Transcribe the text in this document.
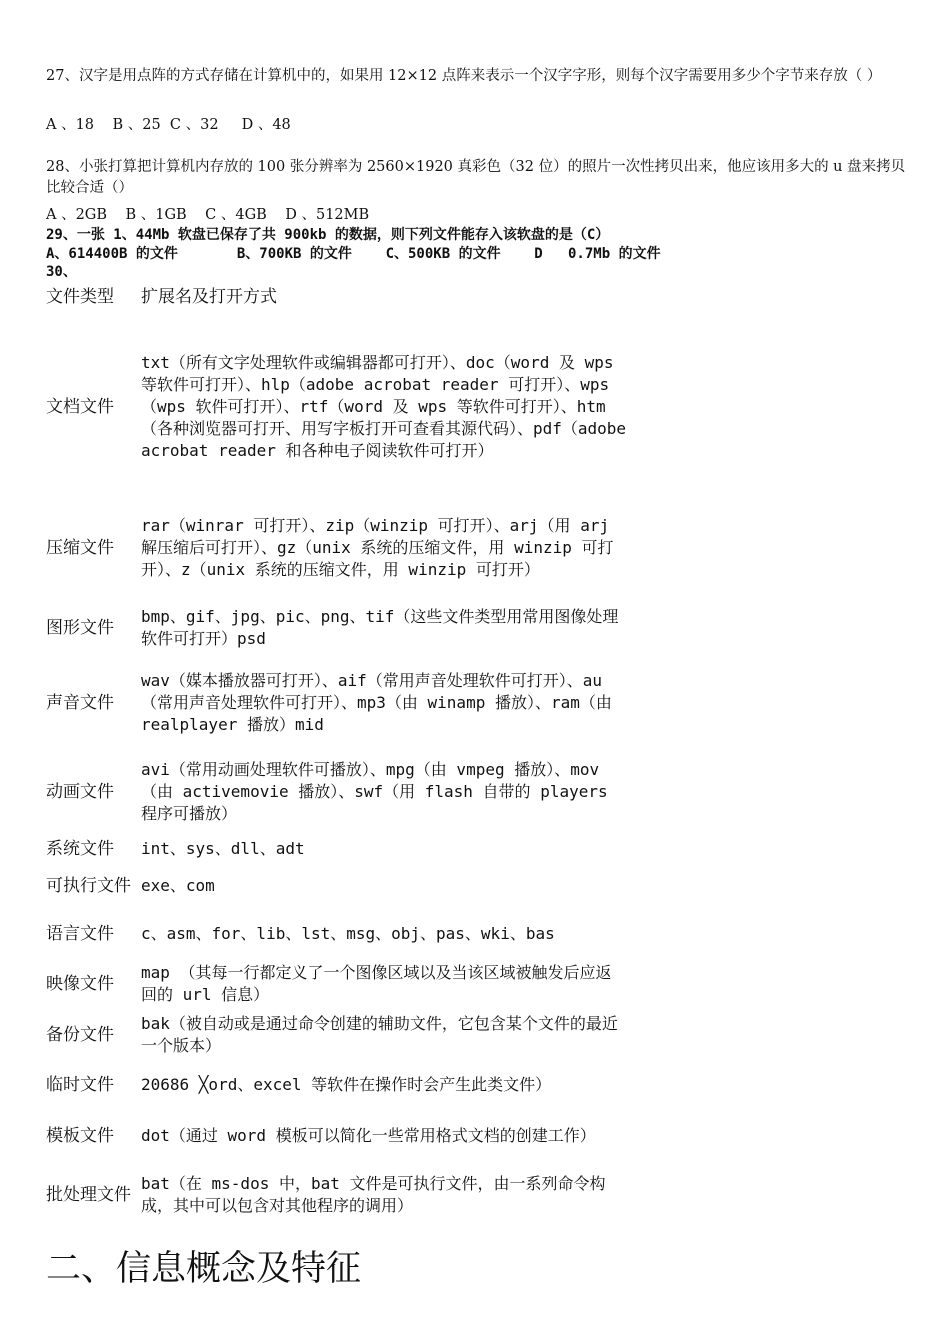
27、汉字是用点阵的方式存储在计算机中的，如果用 12×12 点阵来表示一个汉字字形，则每个汉字需要用多少个字节来存放（ ）
A 、18    B 、25  C 、32     D 、48
28、小张打算把计算机内存放的 100 张分辨率为 2560×1920 真彩色（32 位）的照片一次性拷贝出来，他应该用多大的 u 盘来拷贝比较合适（）
A 、2GB    B 、1GB    C 、4GB    D 、512MB
29、一张 1、44Mb 软盘已保存了共 900kb 的数据，则下列文件能存入该软盘的是（C）
A、614400B 的文件       B、700KB 的文件    C、500KB 的文件    D   0.7Mb 的文件
30、
文件类型	扩展名及打开方式

文档文件	txt（所有文字处理软件或编辑器都可打开）、doc（word 及 wps 等软件可打开）、hlp（adobe acrobat reader 可打开）、wps（wps 软件可打开）、rtf（word 及 wps 等软件可打开）、htm（各种浏览器可打开、用写字板打开可查看其源代码）、pdf（adobe acrobat reader 和各种电子阅读软件可打开）

压缩文件	rar（winrar 可打开）、zip（winzip 可打开）、arj（用 arj 解压缩后可打开）、gz（unix 系统的压缩文件，用 winzip 可打开）、z（unix 系统的压缩文件，用 winzip 可打开）
图形文件	bmp、gif、jpg、pic、png、tif（这些文件类型用常用图像处理软件可打开）psd
声音文件	wav（媒本播放器可打开）、aif（常用声音处理软件可打开）、au（常用声音处理软件可打开）、mp3（由 winamp 播放）、ram（由 realplayer 播放）mid
动画文件	avi（常用动画处理软件可播放）、mpg（由 vmpeg 播放）、mov（由 activemovie 播放）、swf（用 flash 自带的 players 程序可播放）
系统文件	int、sys、dll、adt
可执行文件	exe、com
语言文件	c、asm、for、lib、lst、msg、obj、pas、wki、bas
映像文件	map （其每一行都定义了一个图像区域以及当该区域被触发后应返回的 url 信息）
备份文件	bak（被自动或是通过命令创建的辅助文件，它包含某个文件的最近一个版本）
临时文件	20686 ╳ord、excel 等软件在操作时会产生此类文件）
模板文件	dot（通过 word 模板可以简化一些常用格式文档的创建工作）
批处理文件	bat（在 ms-dos 中，bat 文件是可执行文件，由一系列命令构成，其中可以包含对其他程序的调用）
二、信息概念及特征
